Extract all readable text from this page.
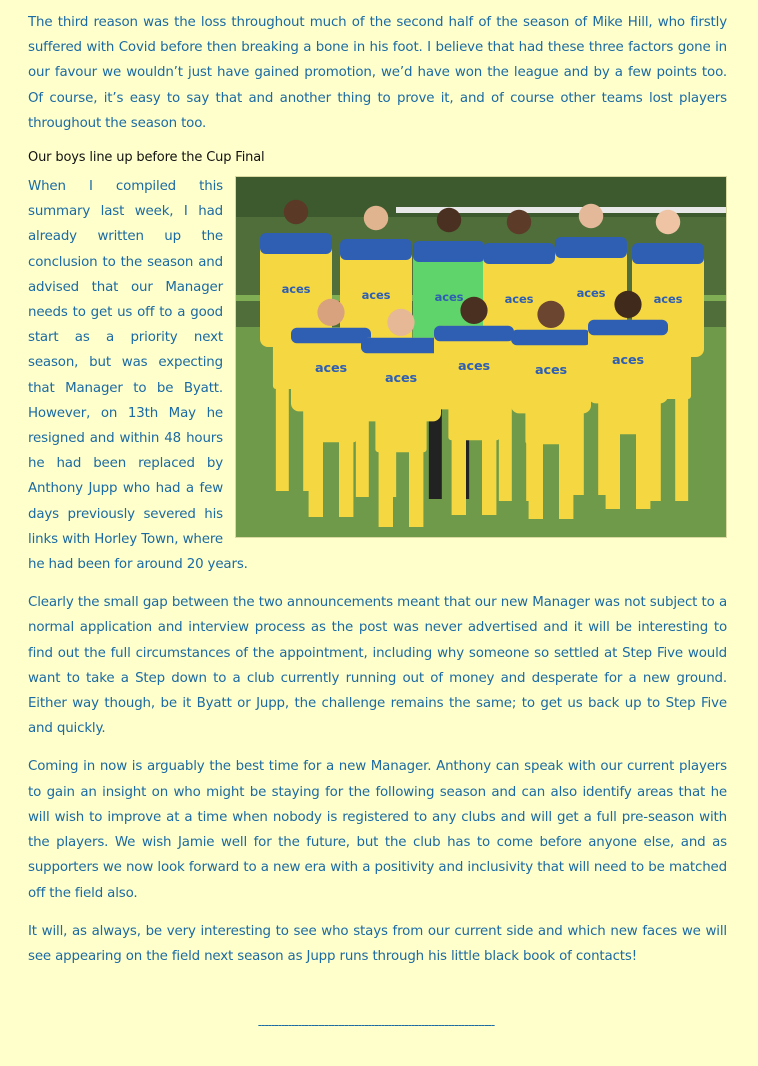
The third reason was the loss throughout much of the second half of the season of Mike Hill, who firstly suffered with Covid before then breaking a bone in his foot. I believe that had these three factors gone in our favour we wouldn’t just have gained promotion, we’d have won the league and by a few points too. Of course, it’s easy to say that and another thing to prove it, and of course other teams lost players throughout the season too.

Our boys line up before the Cup Final
aces	aces	aces	aces	aces	aces
aces
aces
aces	aces
aces

When I compiled this summary last week, I had already written up the conclusion to the season and advised that our Manager needs to get us off to a good start as a priority next season, but was expecting that Manager to be Byatt. However, on 13th May he resigned and within 48 hours he had been replaced by Anthony Jupp who had a few days previously severed his links with Horley Town, where he had been for around 20 years.

Clearly the small gap between the two announcements meant that our new Manager was not subject to a normal application and interview process as the post was never advertised and it will be interesting to find out the full circumstances of the appointment, including why someone so settled at Step Five would want to take a Step down to a club currently running out of money and desperate for a new ground. Either way though, be it Byatt or Jupp, the challenge remains the same; to get us back up to Step Five and quickly.

Coming in now is arguably the best time for a new Manager. Anthony can speak with our current players to gain an insight on who might be staying for the following season and can also identify areas that he will wish to improve at a time when nobody is registered to any clubs and will get a full pre-season with the players. We wish Jamie well for the future, but the club has to come before anyone else, and as supporters we now look forward to a new era with a positivity and inclusivity that will need to be matched off the field also.

It will, as always, be very interesting to see who stays from our current side and which new faces we will see appearing on the field next season as Jupp runs through his little black book of contacts!

-----------------------------------------------------------------------
